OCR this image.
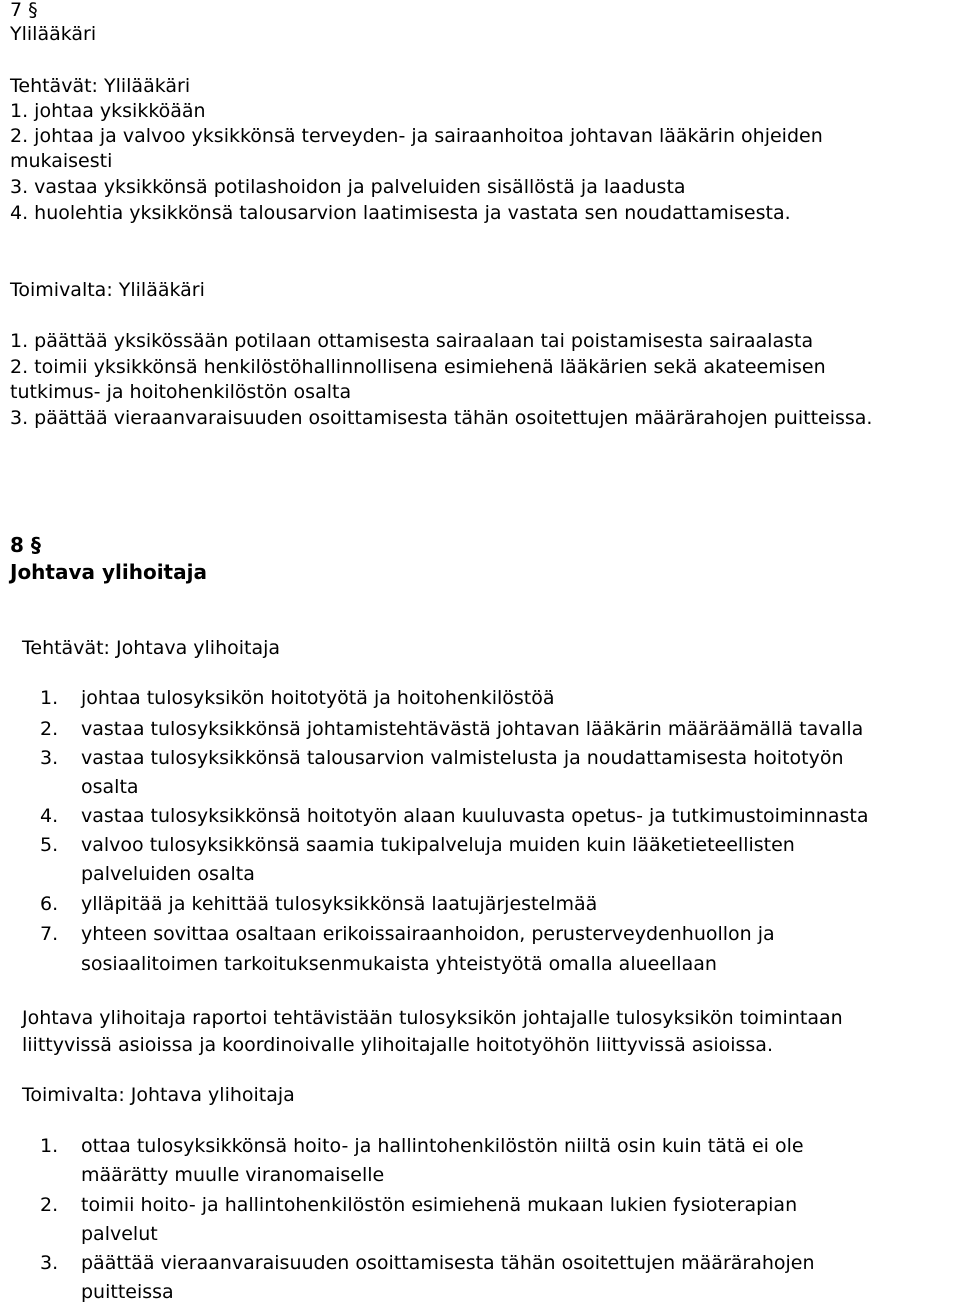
7 §
Ylilääkäri
Tehtävät: Ylilääkäri
1. johtaa yksikköään
2. johtaa ja valvoo yksikkönsä terveyden- ja sairaanhoitoa johtavan lääkärin ohjeiden
mukaisesti
3. vastaa yksikkönsä potilashoidon ja palveluiden sisällöstä ja laadusta
4. huolehtia yksikkönsä talousarvion laatimisesta ja vastata sen noudattamisesta.
Toimivalta: Ylilääkäri
1. päättää yksikössään potilaan ottamisesta sairaalaan tai poistamisesta sairaalasta
2. toimii yksikkönsä henkilöstöhallinnollisena esimiehenä lääkärien sekä akateemisen
tutkimus- ja hoitohenkilöstön osalta
3. päättää vieraanvaraisuuden osoittamisesta tähän osoitettujen määrärahojen puitteissa.
8 §
Johtava ylihoitaja
Tehtävät: Johtava ylihoitaja
1. johtaa tulosyksikön hoitotyötä ja hoitohenkilöstöä
2. vastaa tulosyksikkönsä johtamistehtävästä johtavan lääkärin määräämällä tavalla
3. vastaa tulosyksikkönsä talousarvion valmistelusta ja noudattamisesta hoitotyön
osalta
4. vastaa tulosyksikkönsä hoitotyön alaan kuuluvasta opetus- ja tutkimustoiminnasta
5. valvoo tulosyksikkönsä saamia tukipalveluja muiden kuin lääketieteellisten
palveluiden osalta
6. ylläpitää ja kehittää tulosyksikkönsä laatujärjestelmää
7. yhteen sovittaa osaltaan erikoissairaanhoidon, perusterveydenhuollon ja
sosiaalitoimen tarkoituksenmukaista yhteistyötä omalla alueellaan
Johtava ylihoitaja raportoi tehtävistään tulosyksikön johtajalle tulosyksikön toimintaan
liittyvissä asioissa ja koordinoivalle ylihoitajalle hoitotyöhön liittyvissä asioissa.
Toimivalta: Johtava ylihoitaja
1. ottaa tulosyksikkönsä hoito- ja hallintohenkilöstön niiltä osin kuin tätä ei ole
määrätty muulle viranomaiselle
2. toimii hoito- ja hallintohenkilöstön esimiehenä mukaan lukien fysioterapian
palvelut
3. päättää vieraanvaraisuuden osoittamisesta tähän osoitettujen määrärahojen
puitteissa
